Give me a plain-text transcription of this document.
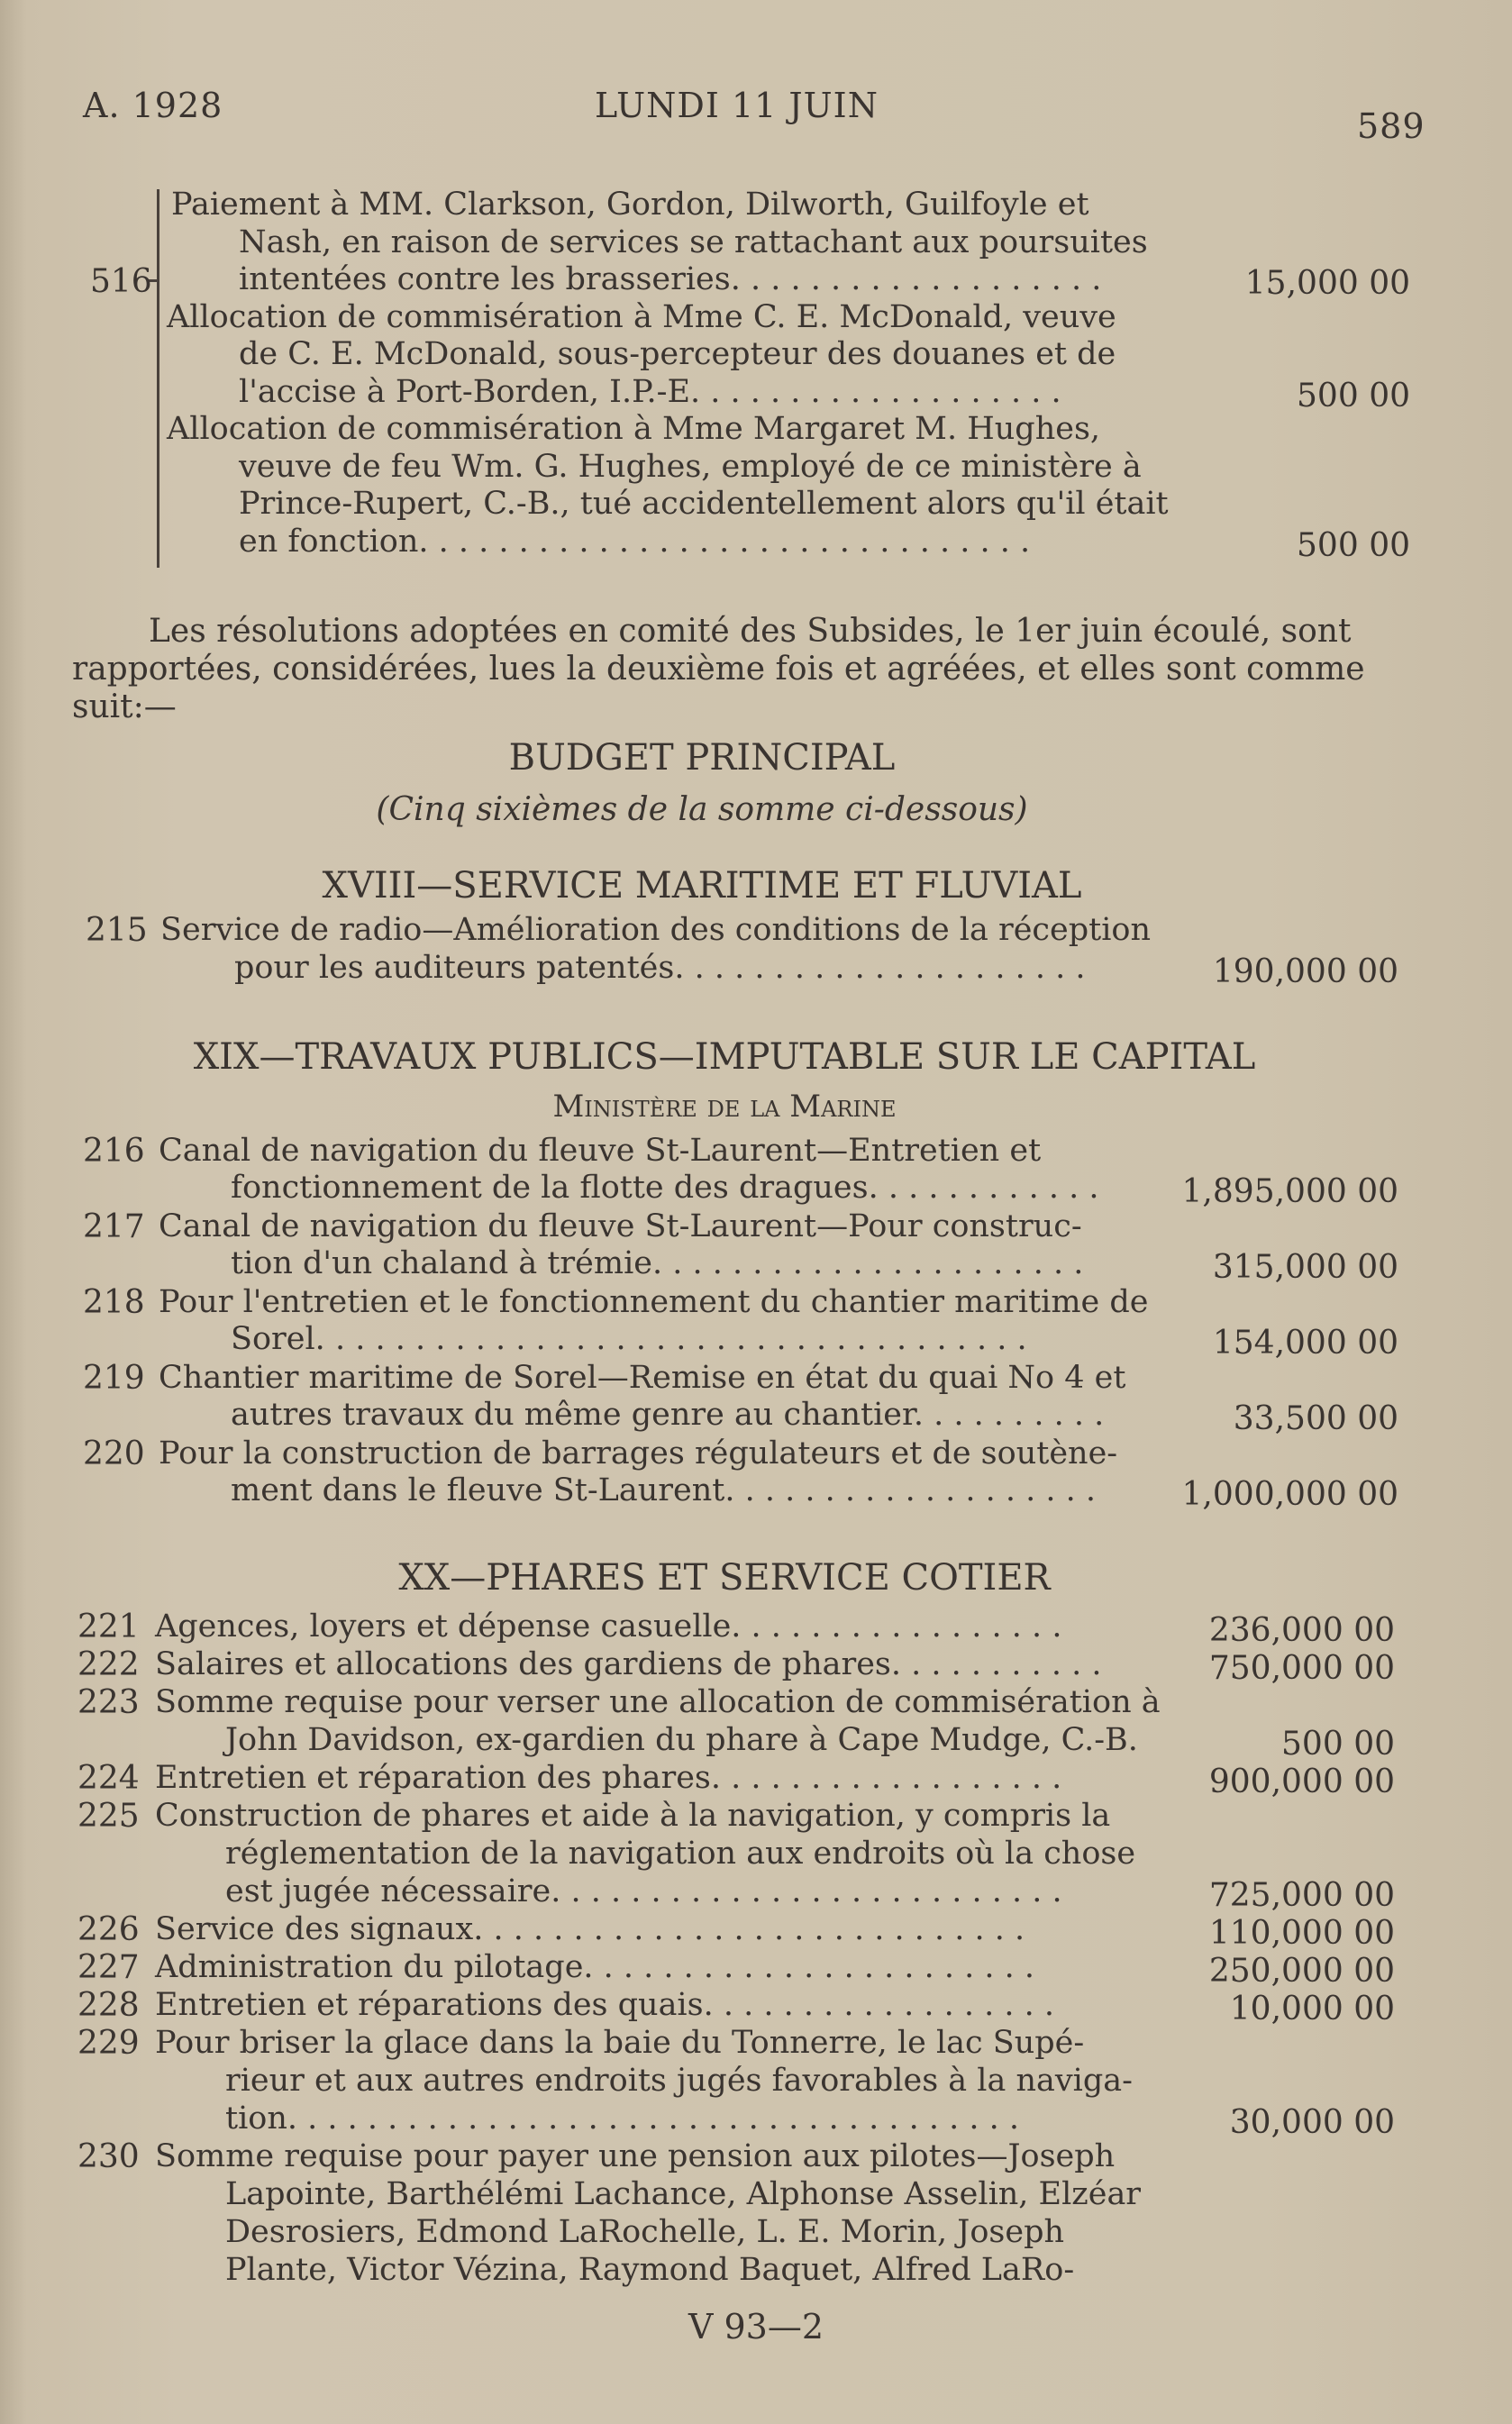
A. 1928	LUNDI 11 JUIN
589
516
Paiement à MM. Clarkson, Gordon, Dilworth, Guilfoyle et
Nash, en raison de services se rattachant aux poursuites
intentées contre les brasseries. . . . . . . . . . . . . . . . . . .	15,000 00
Allocation de commisération à Mme C. E. McDonald, veuve
de C. E. McDonald, sous-percepteur des douanes et de
l'accise à Port-Borden, I.P.-E. . . . . . . . . . . . . . . . . . .	500 00
Allocation de commisération à Mme Margaret M. Hughes,
veuve de feu Wm. G. Hughes, employé de ce ministère à
Prince-Rupert, C.-B., tué accidentellement alors qu'il était
en fonction. . . . . . . . . . . . . . . . . . . . . . . . . . . . . . .	500 00
Les résolutions adoptées en comité des Subsides, le 1er juin écoulé, sont
rapportées, considérées, lues la deuxième fois et agréées, et elles sont comme
suit:—
BUDGET PRINCIPAL
(Cinq sixièmes de la somme ci-dessous)
XVIII—SERVICE MARITIME ET FLUVIAL
215 Service de radio—Amélioration des conditions de la réception
pour les auditeurs patentés. . . . . . . . . . . . . . . . . . . . .	190,000 00
XIX—TRAVAUX PUBLICS—IMPUTABLE SUR LE CAPITAL
Ministère de la Marine
216 Canal de navigation du fleuve St-Laurent—Entretien et
fonctionnement de la flotte des dragues. . . . . . . . . . . .	1,895,000 00
217 Canal de navigation du fleuve St-Laurent—Pour construc-
tion d'un chaland à trémie. . . . . . . . . . . . . . . . . . . . . .	315,000 00
218 Pour l'entretien et le fonctionnement du chantier maritime de
Sorel. . . . . . . . . . . . . . . . . . . . . . . . . . . . . . . . . . . .	154,000 00
219 Chantier maritime de Sorel—Remise en état du quai No 4 et
autres travaux du même genre au chantier. . . . . . . . . .	33,500 00
220 Pour la construction de barrages régulateurs et de soutène-
ment dans le fleuve St-Laurent. . . . . . . . . . . . . . . . . . .	1,000,000 00
XX—PHARES ET SERVICE COTIER
221 Agences, loyers et dépense casuelle. . . . . . . . . . . . . . . . .	236,000 00
222 Salaires et allocations des gardiens de phares. . . . . . . . . . .	750,000 00
223 Somme requise pour verser une allocation de commisération à
John Davidson, ex-gardien du phare à Cape Mudge, C.-B.	500 00
224 Entretien et réparation des phares. . . . . . . . . . . . . . . . . .	900,000 00
225 Construction de phares et aide à la navigation, y compris la
réglementation de la navigation aux endroits où la chose
est jugée nécessaire. . . . . . . . . . . . . . . . . . . . . . . . . .	725,000 00
226 Service des signaux. . . . . . . . . . . . . . . . . . . . . . . . . . . .	110,000 00
227 Administration du pilotage. . . . . . . . . . . . . . . . . . . . . . .	250,000 00
228 Entretien et réparations des quais. . . . . . . . . . . . . . . . . .	10,000 00
229 Pour briser la glace dans la baie du Tonnerre, le lac Supé-
rieur et aux autres endroits jugés favorables à la naviga-
tion. . . . . . . . . . . . . . . . . . . . . . . . . . . . . . . . . . . . .	30,000 00
230 Somme requise pour payer une pension aux pilotes—Joseph
Lapointe, Barthélémi Lachance, Alphonse Asselin, Elzéar
Desrosiers, Edmond LaRochelle, L. E. Morin, Joseph
Plante, Victor Vézina, Raymond Baquet, Alfred LaRo-
V 93—2
